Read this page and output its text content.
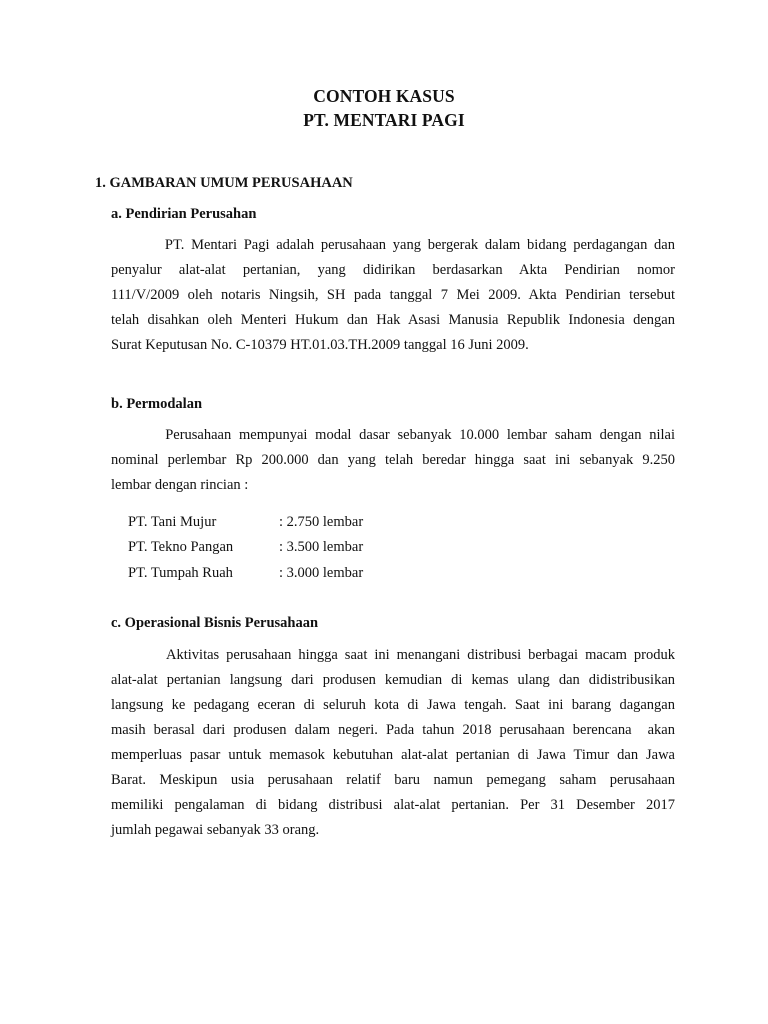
CONTOH KASUS
PT. MENTARI PAGI
1. GAMBARAN UMUM PERUSAHAAN
a. Pendirian Perusahan
PT. Mentari Pagi adalah perusahaan yang bergerak dalam bidang perdagangan dan
penyalur alat-alat pertanian, yang didirikan berdasarkan Akta Pendirian nomor
111/V/2009 oleh notaris Ningsih, SH pada tanggal 7 Mei 2009. Akta Pendirian tersebut
telah disahkan oleh Menteri Hukum dan Hak Asasi Manusia Republik Indonesia dengan
Surat Keputusan No. C-10379 HT.01.03.TH.2009 tanggal 16 Juni 2009.
b. Permodalan
Perusahaan mempunyai modal dasar sebanyak 10.000 lembar saham dengan nilai
nominal perlembar Rp 200.000 dan yang telah beredar hingga saat ini sebanyak 9.250
lembar dengan rincian :
PT. Tani Mujur	: 2.750 lembar
PT. Tekno Pangan	: 3.500 lembar
PT. Tumpah Ruah	: 3.000 lembar
c. Operasional Bisnis Perusahaan
Aktivitas perusahaan hingga saat ini menangani distribusi berbagai macam produk
alat-alat pertanian langsung dari produsen kemudian di kemas ulang dan didistribusikan
langsung ke pedagang eceran di seluruh kota di Jawa tengah. Saat ini barang dagangan
masih berasal dari produsen dalam negeri. Pada tahun 2018 perusahaan berencana  akan
memperluas pasar untuk memasok kebutuhan alat-alat pertanian di Jawa Timur dan Jawa
Barat. Meskipun usia perusahaan relatif baru namun pemegang saham perusahaan
memiliki pengalaman di bidang distribusi alat-alat pertanian. Per 31 Desember 2017
jumlah pegawai sebanyak 33 orang.
